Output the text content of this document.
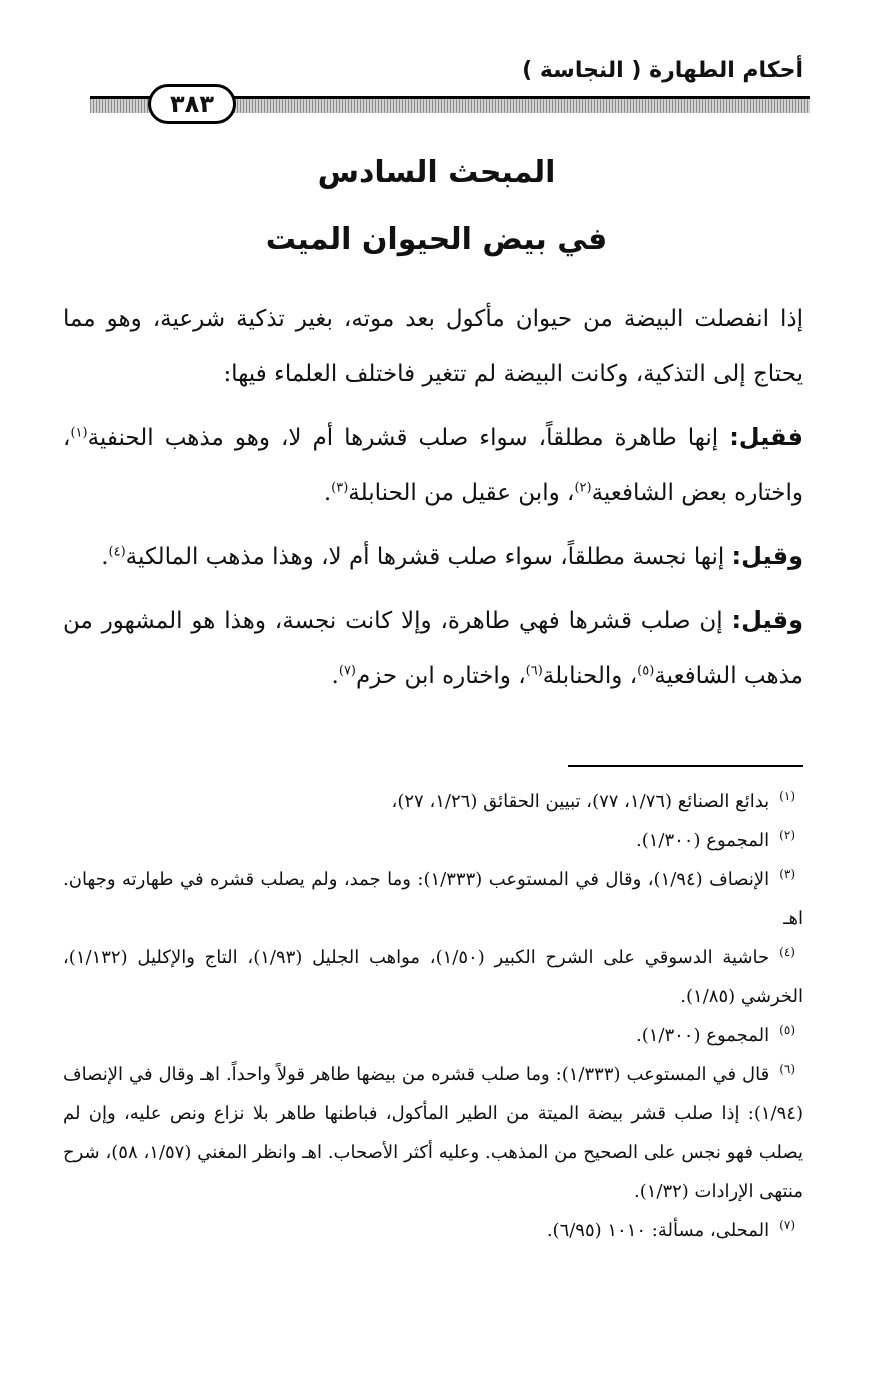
أحكام الطهارة ( النجاسة )
٣٨٣
المبحث السادس
في بيض الحيوان الميت

إذا انفصلت البيضة من حيوان مأكول بعد موته، بغير تذكية شرعية، وهو مما يحتاج إلى التذكية، وكانت البيضة لم تتغير فاختلف العلماء فيها:

فقيل: إنها طاهرة مطلقاً، سواء صلب قشرها أم لا، وهو مذهب الحنفية$^{(١)}$، واختاره بعض الشافعية$^{(٢)}$، وابن عقيل من الحنابلة$^{(٣)}$.

وقيل: إنها نجسة مطلقاً، سواء صلب قشرها أم لا، وهذا مذهب المالكية$^{(٤)}$.

وقيل: إن صلب قشرها فهي طاهرة، وإلا كانت نجسة، وهذا هو المشهور من مذهب الشافعية$^{(٥)}$، والحنابلة$^{(٦)}$، واختاره ابن حزم$^{(٧)}$.

$^{(١)}$بدائع الصنائع (١/٧٦، ٧٧)، تبيين الحقائق (١/٢٦، ٢٧)،

$^{(٢)}$المجموع (١/٣٠٠).

$^{(٣)}$الإنصاف (١/٩٤)، وقال في المستوعب (١/٣٣٣): وما جمد، ولم يصلب قشره في طهارته وجهان. اهـ

$^{(٤)}$حاشية الدسوقي على الشرح الكبير (١/٥٠)، مواهب الجليل (١/٩٣)، التاج والإكليل (١/١٣٢)، الخرشي (١/٨٥).

$^{(٥)}$المجموع (١/٣٠٠).

$^{(٦)}$قال في المستوعب (١/٣٣٣): وما صلب قشره من بيضها طاهر قولاً واحداً. اهـ وقال في الإنصاف (١/٩٤): إذا صلب قشر بيضة الميتة من الطير المأكول، فباطنها طاهر بلا نزاع ونص عليه، وإن لم يصلب فهو نجس على الصحيح من المذهب. وعليه أكثر الأصحاب. اهـ وانظر المغني (١/٥٧، ٥٨)، شرح منتهى الإرادات (١/٣٢).

$^{(٧)}$المحلى، مسألة: ١٠١٠ (٦/٩٥).
